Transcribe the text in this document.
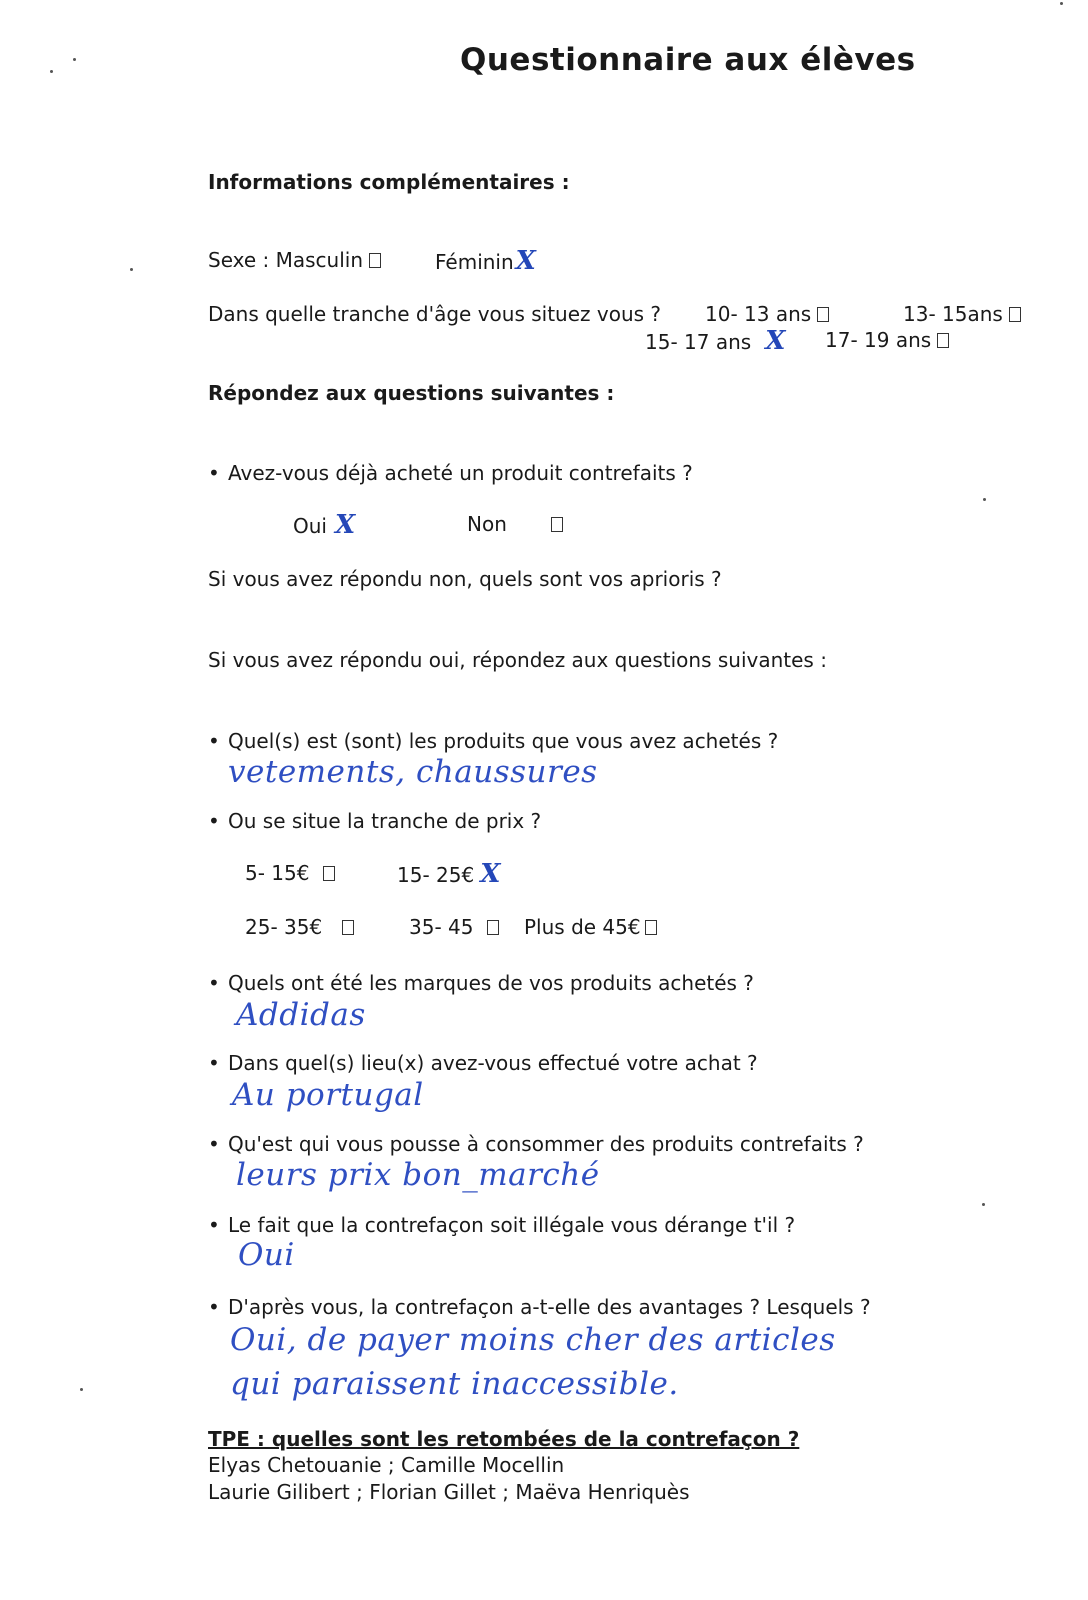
Questionnaire aux élèves
Informations complémentaires :
Sexe : Masculin	FémininX
Dans quelle tranche d'âge vous situez vous ? 10- 13 ans	13- 15ans
15- 17 ans X 17- 19 ans
Répondez aux questions suivantes :
• Avez-vous déjà acheté un produit contrefaits ?
Oui X	Non
Si vous avez répondu non, quels sont vos aprioris ?
Si vous avez répondu oui, répondez aux questions suivantes :
• Quel(s) est (sont) les produits que vous avez achetés ?
vetements, chaussures
• Ou se situe la tranche de prix ?
5- 15€	15- 25€ X
25- 35€	35- 45	Plus de 45€
• Quels ont été les marques de vos produits achetés ?
Addidas
• Dans quel(s) lieu(x) avez-vous effectué votre achat ?
Au portugal
• Qu'est qui vous pousse à consommer des produits contrefaits ?
leurs prix bon_marché
• Le fait que la contrefaçon soit illégale vous dérange t'il ?
Oui
• D'après vous, la contrefaçon a-t-elle des avantages ? Lesquels ?
Oui, de payer moins cher des articles
qui paraissent inaccessible.
TPE : quelles sont les retombées de la contrefaçon ?
Elyas Chetouanie ; Camille Mocellin
Laurie Gilibert ; Florian Gillet ; Maëva Henriquès
